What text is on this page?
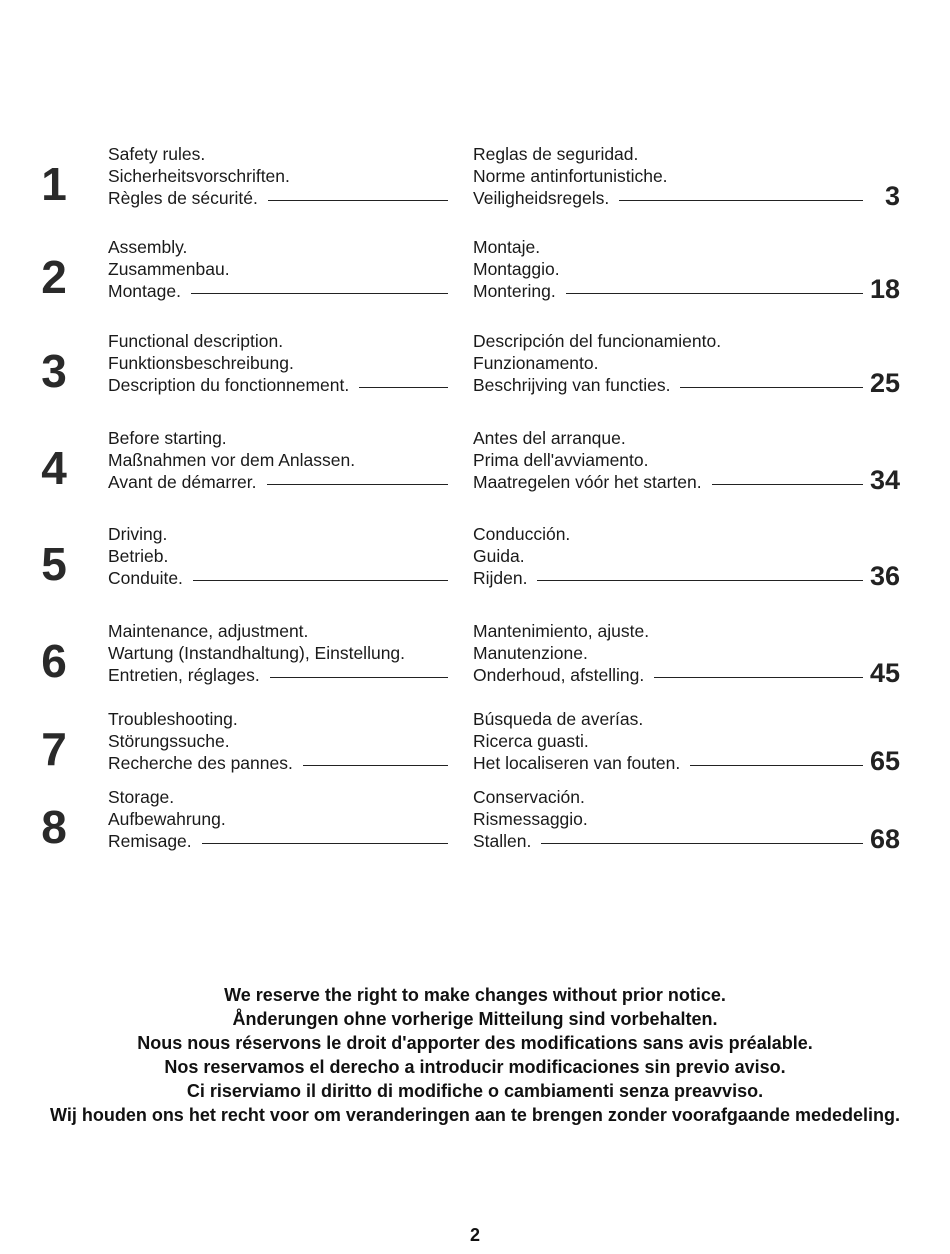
1
Safety rules.
Sicherheitsvorschriften.
Règles de sécurité.
Reglas de seguridad.
Norme antinfortunistiche.
Veiligheidsregels.	3
2
Assembly.
Zusammenbau.
Montage.
Montaje.
Montaggio.
Montering.	18
3
Functional description.
Funktionsbeschreibung.
Description du fonctionnement.
Descripción del funcionamiento.
Funzionamento.
Beschrijving van functies.	25
4
Before starting.
Maßnahmen vor dem Anlassen.
Avant de démarrer.
Antes del arranque.
Prima dell'avviamento.
Maatregelen vóór het starten.	34
5
Driving.
Betrieb.
Conduite.
Conducción.
Guida.
Rijden.	36
6
Maintenance, adjustment.
Wartung (Instandhaltung), Einstellung.
Entretien, réglages.
Mantenimiento, ajuste.
Manutenzione.
Onderhoud, afstelling.	45
7
Troubleshooting.
Störungssuche.
Recherche des pannes.
Búsqueda de averías.
Ricerca guasti.
Het localiseren van fouten.	65
8
Storage.
Aufbewahrung.
Remisage.
Conservación.
Rismessaggio.
Stallen.	68
We reserve the right to make changes without prior notice.
Ånderungen ohne vorherige Mitteilung sind vorbehalten.
Nous nous réservons le droit d'apporter des modifications sans avis préalable.
Nos reservamos el derecho a introducir modificaciones sin previo aviso.
Ci riserviamo il diritto di modifiche o cambiamenti senza preavviso.
Wij houden ons het recht voor om veranderingen aan te brengen zonder voorafgaande mededeling.
2
